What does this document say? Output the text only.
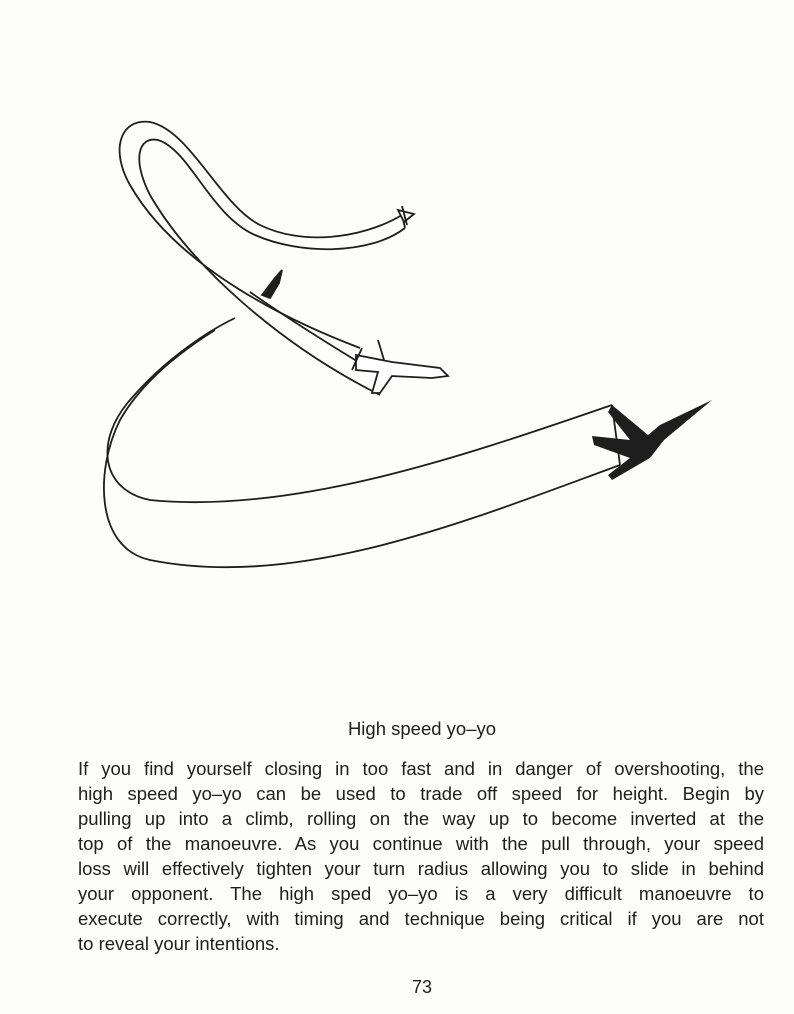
High speed yo–yo
If you find yourself closing in too fast and in danger of overshooting, the
high speed yo–yo can be used to trade off speed for height. Begin by
pulling up into a climb, rolling on the way up to become inverted at the
top of the manoeuvre. As you continue with the pull through, your speed
loss will effectively tighten your turn radius allowing you to slide in behind
your opponent. The high sped yo–yo is a very difficult manoeuvre to
execute correctly, with timing and technique being critical if you are not
to reveal your intentions.
73
